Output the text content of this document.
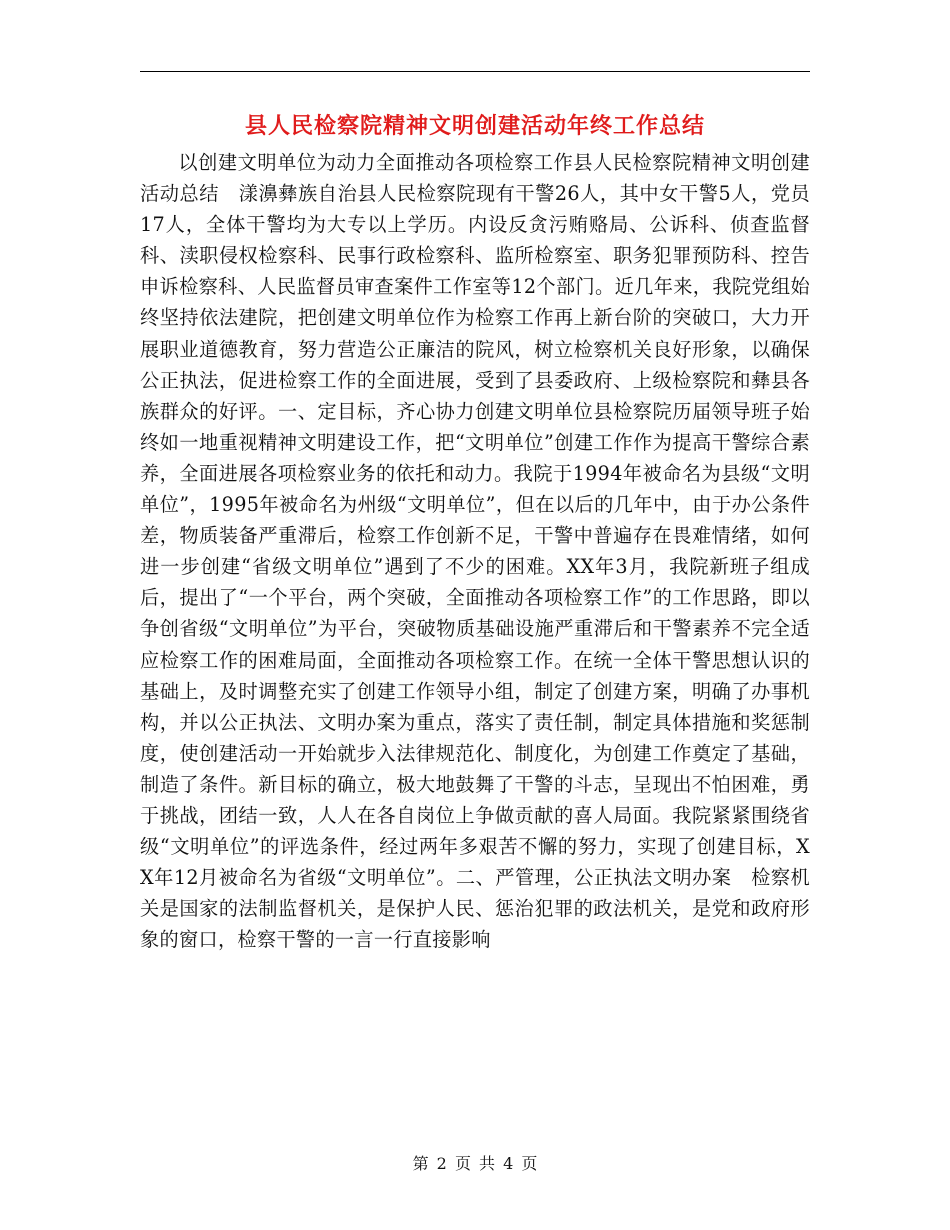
县人民检察院精神文明创建活动年终工作总结

以创建文明单位为动力全面推动各项检察工作县人民检察院精神文明创建活动总结　漾濞彝族自治县人民检察院现有干警26人，其中女干警5人，党员17人，全体干警均为大专以上学历。内设反贪污贿赂局、公诉科、侦查监督科、渎职侵权检察科、民事行政检察科、监所检察室、职务犯罪预防科、控告申诉检察科、人民监督员审查案件工作室等12个部门。近几年来，我院党组始终坚持依法建院，把创建文明单位作为检察工作再上新台阶的突破口，大力开展职业道德教育，努力营造公正廉洁的院风，树立检察机关良好形象，以确保公正执法，促进检察工作的全面进展，受到了县委政府、上级检察院和彝县各族群众的好评。一、定目标，齐心协力创建文明单位县检察院历届领导班子始终如一地重视精神文明建设工作，把“文明单位”创建工作作为提高干警综合素养，全面进展各项检察业务的依托和动力。我院于1994年被命名为县级“文明单位”，1995年被命名为州级“文明单位”，但在以后的几年中，由于办公条件差，物质装备严重滞后，检察工作创新不足，干警中普遍存在畏难情绪，如何进一步创建“省级文明单位”遇到了不少的困难。XX年3月，我院新班子组成后，提出了“一个平台，两个突破，全面推动各项检察工作”的工作思路，即以争创省级“文明单位”为平台，突破物质基础设施严重滞后和干警素养不完全适应检察工作的困难局面，全面推动各项检察工作。在统一全体干警思想认识的基础上，及时调整充实了创建工作领导小组，制定了创建方案，明确了办事机构，并以公正执法、文明办案为重点，落实了责任制，制定具体措施和奖惩制度，使创建活动一开始就步入法律规范化、制度化，为创建工作奠定了基础，制造了条件。新目标的确立，极大地鼓舞了干警的斗志，呈现出不怕困难，勇于挑战，团结一致，人人在各自岗位上争做贡献的喜人局面。我院紧紧围绕省级“文明单位”的评选条件，经过两年多艰苦不懈的努力，实现了创建目标，XX年12月被命名为省级“文明单位”。二、严管理，公正执法文明办案　检察机关是国家的法制监督机关，是保护人民、惩治犯罪的政法机关，是党和政府形象的窗口，检察干警的一言一行直接影响

第 2 页 共 4 页
